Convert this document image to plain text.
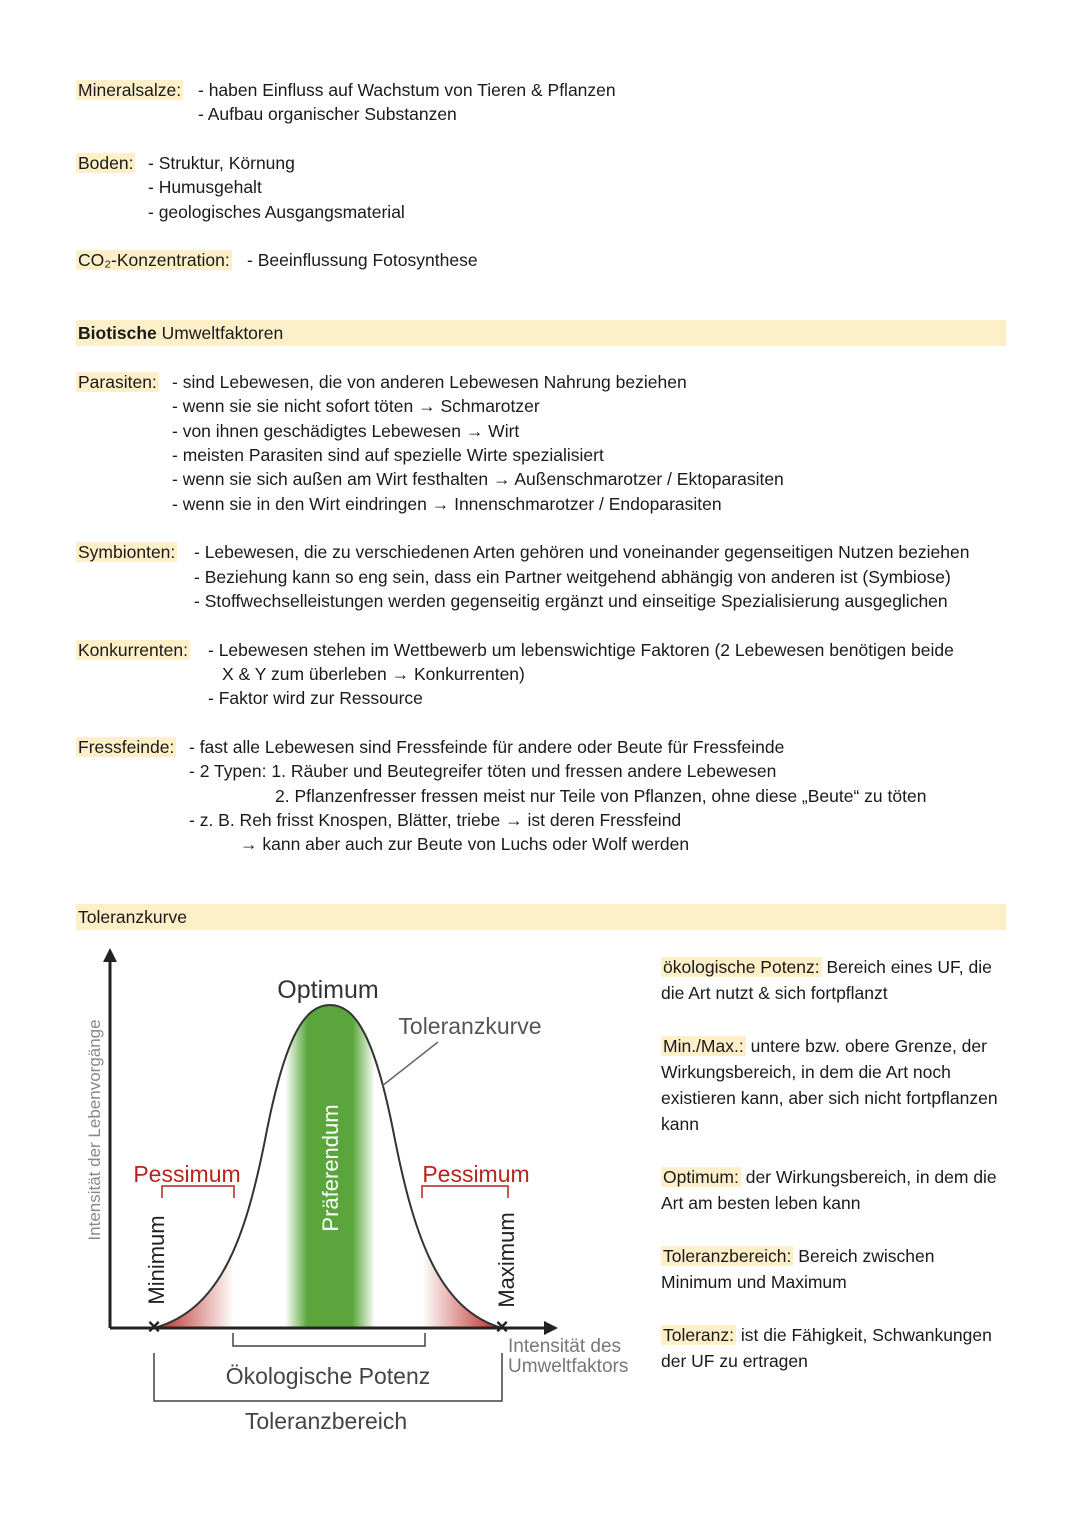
Mineralsalze: - haben Einfluss auf Wachstum von Tieren & Pflanzen
- Aufbau organischer Substanzen
Boden: - Struktur, Körnung
- Humusgehalt
- geologisches Ausgangsmaterial
CO₂-Konzentration: - Beeinflussung Fotosynthese
Biotische Umweltfaktoren
Parasiten: - sind Lebewesen, die von anderen Lebewesen Nahrung beziehen
- wenn sie sie nicht sofort töten → Schmarotzer
- von ihnen geschädigtes Lebewesen → Wirt
- meisten Parasiten sind auf spezielle Wirte spezialisiert
- wenn sie sich außen am Wirt festhalten → Außenschmarotzer / Ektoparasiten
- wenn sie in den Wirt eindringen → Innenschmarotzer / Endoparasiten
Symbionten: - Lebewesen, die zu verschiedenen Arten gehören und voneinander gegenseitigen Nutzen beziehen
- Beziehung kann so eng sein, dass ein Partner weitgehend abhängig von anderen ist (Symbiose)
- Stoffwechselleistungen werden gegenseitig ergänzt und einseitige Spezialisierung ausgeglichen
Konkurrenten: - Lebewesen stehen im Wettbewerb um lebenswichtige Faktoren (2 Lebewesen benötigen beide
X & Y zum überleben → Konkurrenten)
- Faktor wird zur Ressource
Fressfeinde: - fast alle Lebewesen sind Fressfeinde für andere oder Beute für Fressfeinde
- 2 Typen: 1. Räuber und Beutegreifer töten und fressen andere Lebewesen
2. Pflanzenfresser fressen meist nur Teile von Pflanzen, ohne diese „Beute“ zu töten
- z. B. Reh frisst Knospen, Blätter, triebe → ist deren Fressfeind
→ kann aber auch zur Beute von Luchs oder Wolf werden
Toleranzkurve
×	×
Optimum
Toleranzkurve
Pessimum	Pessimum
Minimum	Maximum
Präferendum
Intensität der Lebenvorgänge
Intensität des
Umweltfaktors
Ökologische Potenz
Toleranzbereich

ökologische Potenz: Bereich eines UF, die die Art nutzt & sich fortpflanzt

Min./Max.: untere bzw. obere Grenze, der Wirkungsbereich, in dem die Art noch existieren kann, aber sich nicht fortpflanzen kann

Optimum: der Wirkungsbereich, in dem die Art am besten leben kann

Toleranzbereich: Bereich zwischen Minimum und Maximum

Toleranz: ist die Fähigkeit, Schwankungen der UF zu ertragen
